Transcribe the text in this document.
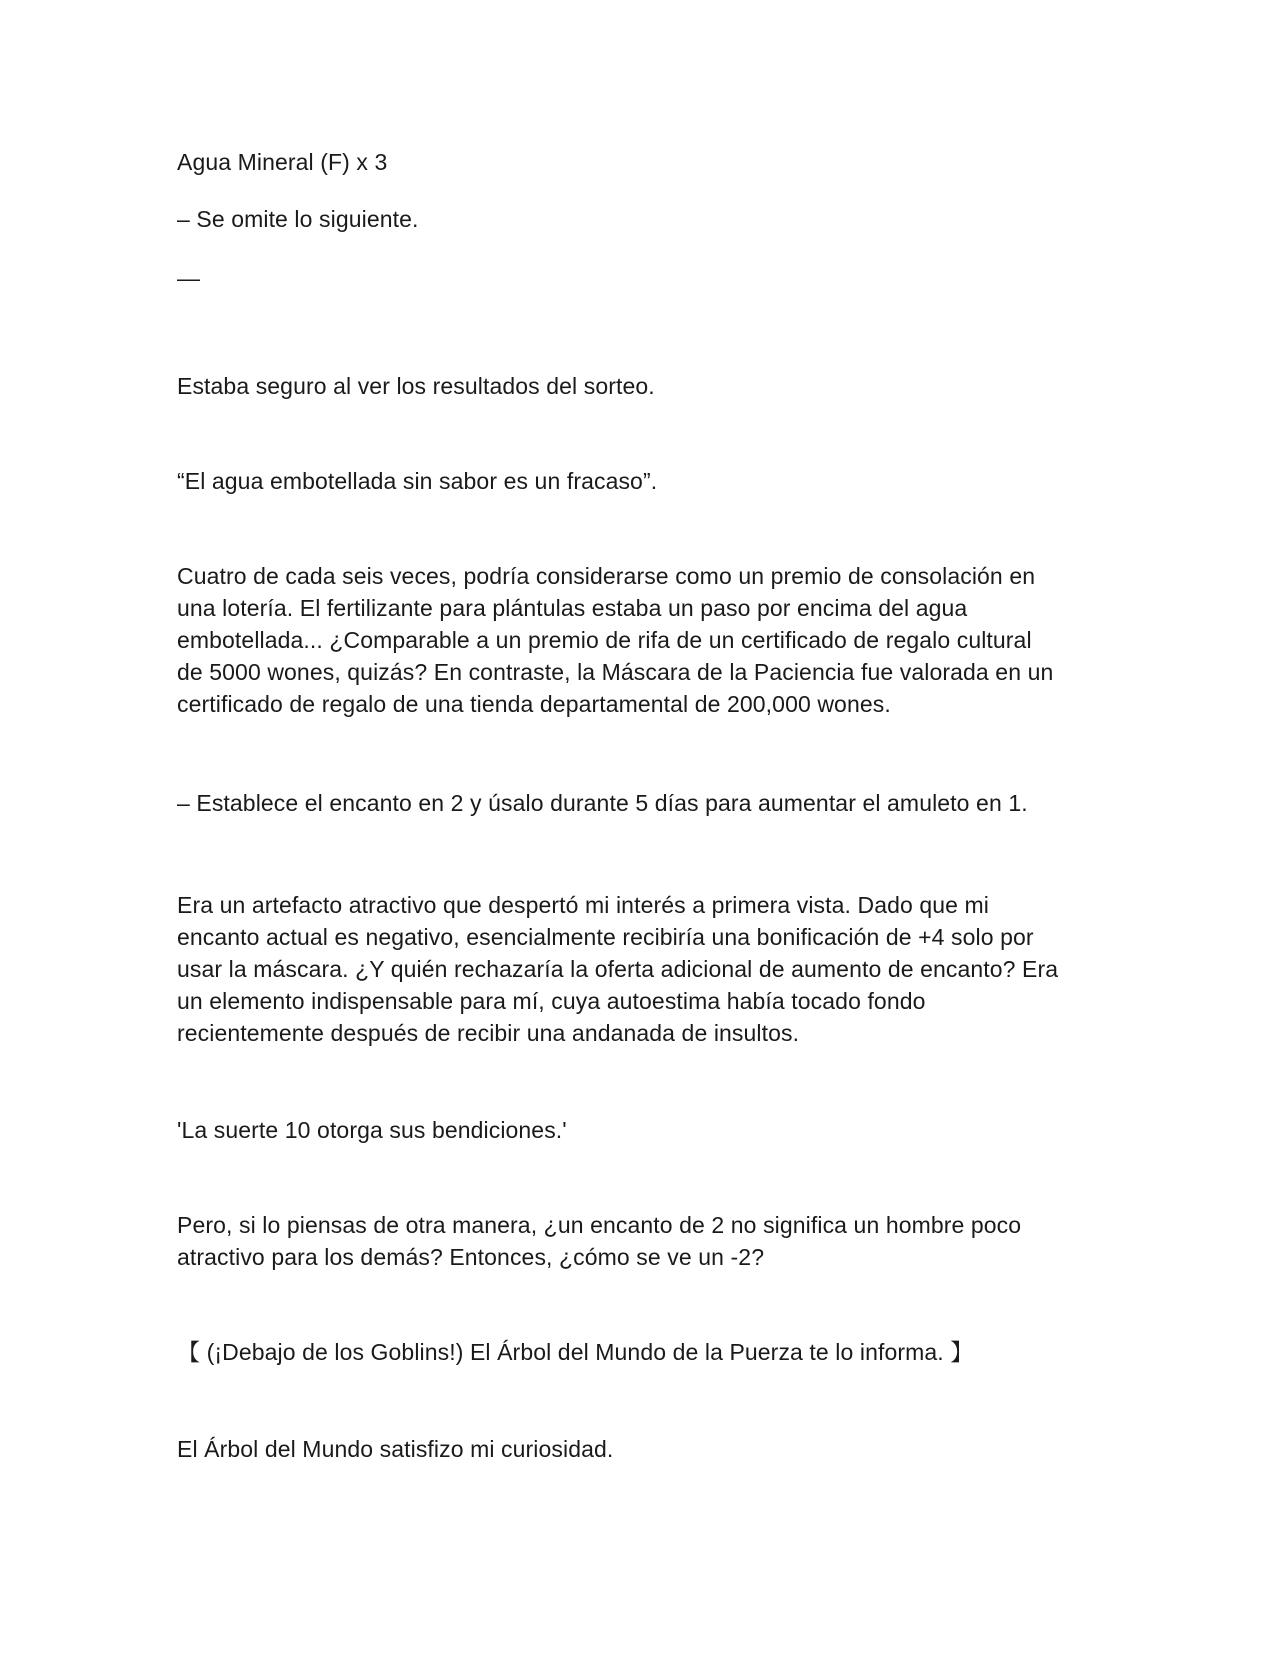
Agua Mineral (F) x 3

– Se omite lo siguiente.

—

Estaba seguro al ver los resultados del sorteo.

“El agua embotellada sin sabor es un fracaso”.

Cuatro de cada seis veces, podría considerarse como un premio de consolación en
una lotería. El fertilizante para plántulas estaba un paso por encima del agua
embotellada... ¿Comparable a un premio de rifa de un certificado de regalo cultural
de 5000 wones, quizás? En contraste, la Máscara de la Paciencia fue valorada en un
certificado de regalo de una tienda departamental de 200,000 wones.

– Establece el encanto en 2 y úsalo durante 5 días para aumentar el amuleto en 1.

Era un artefacto atractivo que despertó mi interés a primera vista. Dado que mi
encanto actual es negativo, esencialmente recibiría una bonificación de +4 solo por
usar la máscara. ¿Y quién rechazaría la oferta adicional de aumento de encanto? Era
un elemento indispensable para mí, cuya autoestima había tocado fondo
recientemente después de recibir una andanada de insultos.

'La suerte 10 otorga sus bendiciones.'

Pero, si lo piensas de otra manera, ¿un encanto de 2 no significa un hombre poco
atractivo para los demás? Entonces, ¿cómo se ve un -2?

【 (¡Debajo de los Goblins!) El Árbol del Mundo de la Puerza te lo informa. 】

El Árbol del Mundo satisfizo mi curiosidad.
